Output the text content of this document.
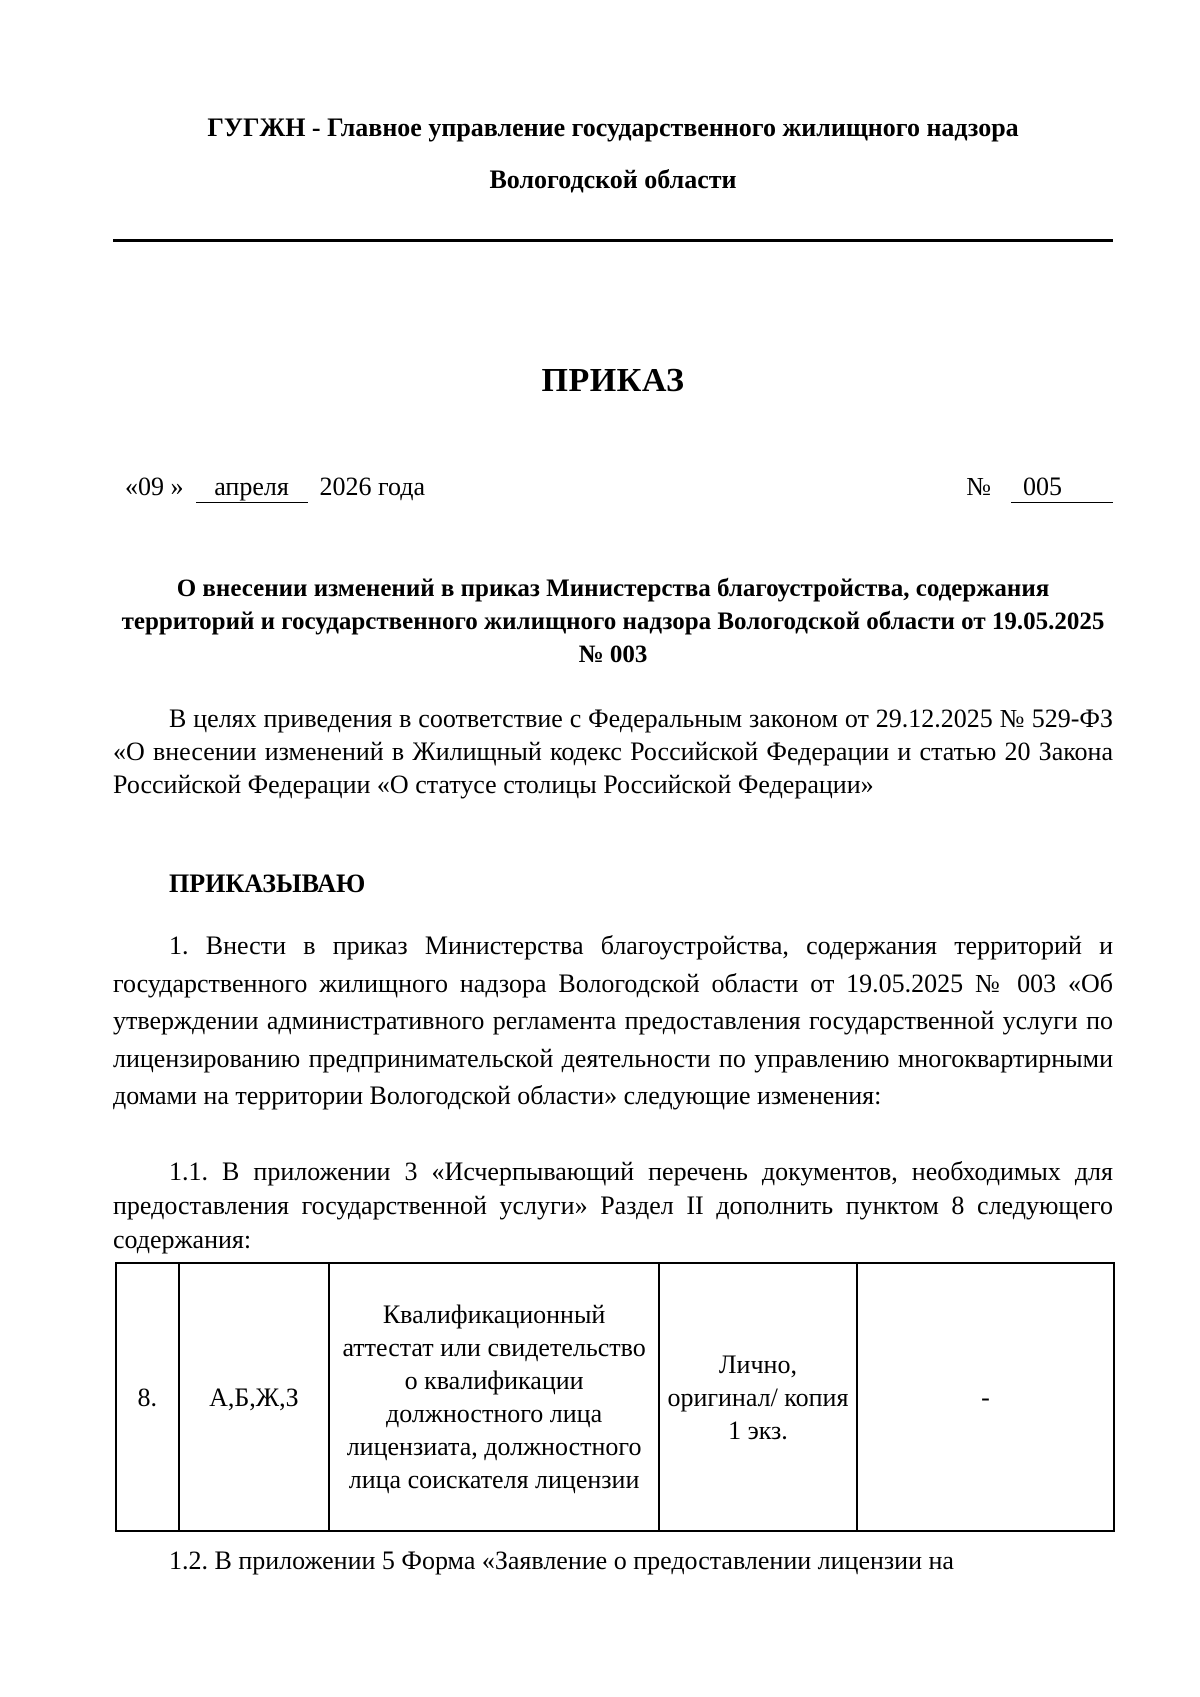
ГУГЖН - Главное управление государственного жилищного надзора
Вологодской области
ПРИКАЗ
«09 » апреля 2026 года	№ 005
О внесении изменений в приказ Министерства благоустройства, содержания территорий и государственного жилищного надзора Вологодской области от 19.05.2025 № 003
В целях приведения в соответствие с Федеральным законом от 29.12.2025 № 529-ФЗ «О внесении изменений в Жилищный кодекс Российской Федерации и статью 20 Закона Российской Федерации «О статусе столицы Российской Федерации»
ПРИКАЗЫВАЮ
1. Внести в приказ Министерства благоустройства, содержания территорий и государственного жилищного надзора Вологодской области от 19.05.2025 № 003 «Об утверждении административного регламента предоставления государственной услуги по лицензированию предпринимательской деятельности по управлению многоквартирными домами на территории Вологодской области» следующие изменения:
1.1. В приложении 3 «Исчерпывающий перечень документов, необходимых для предоставления государственной услуги» Раздел II дополнить пунктом 8 следующего содержания:
8.	А,Б,Ж,З	Квалификационный аттестат или свидетельство о квалификации должностного лица лицензиата, должностного лица соискателя лицензии	Лично, оригинал/ копия 1 экз.	-
1.2. В приложении 5 Форма «Заявление о предоставлении лицензии на
